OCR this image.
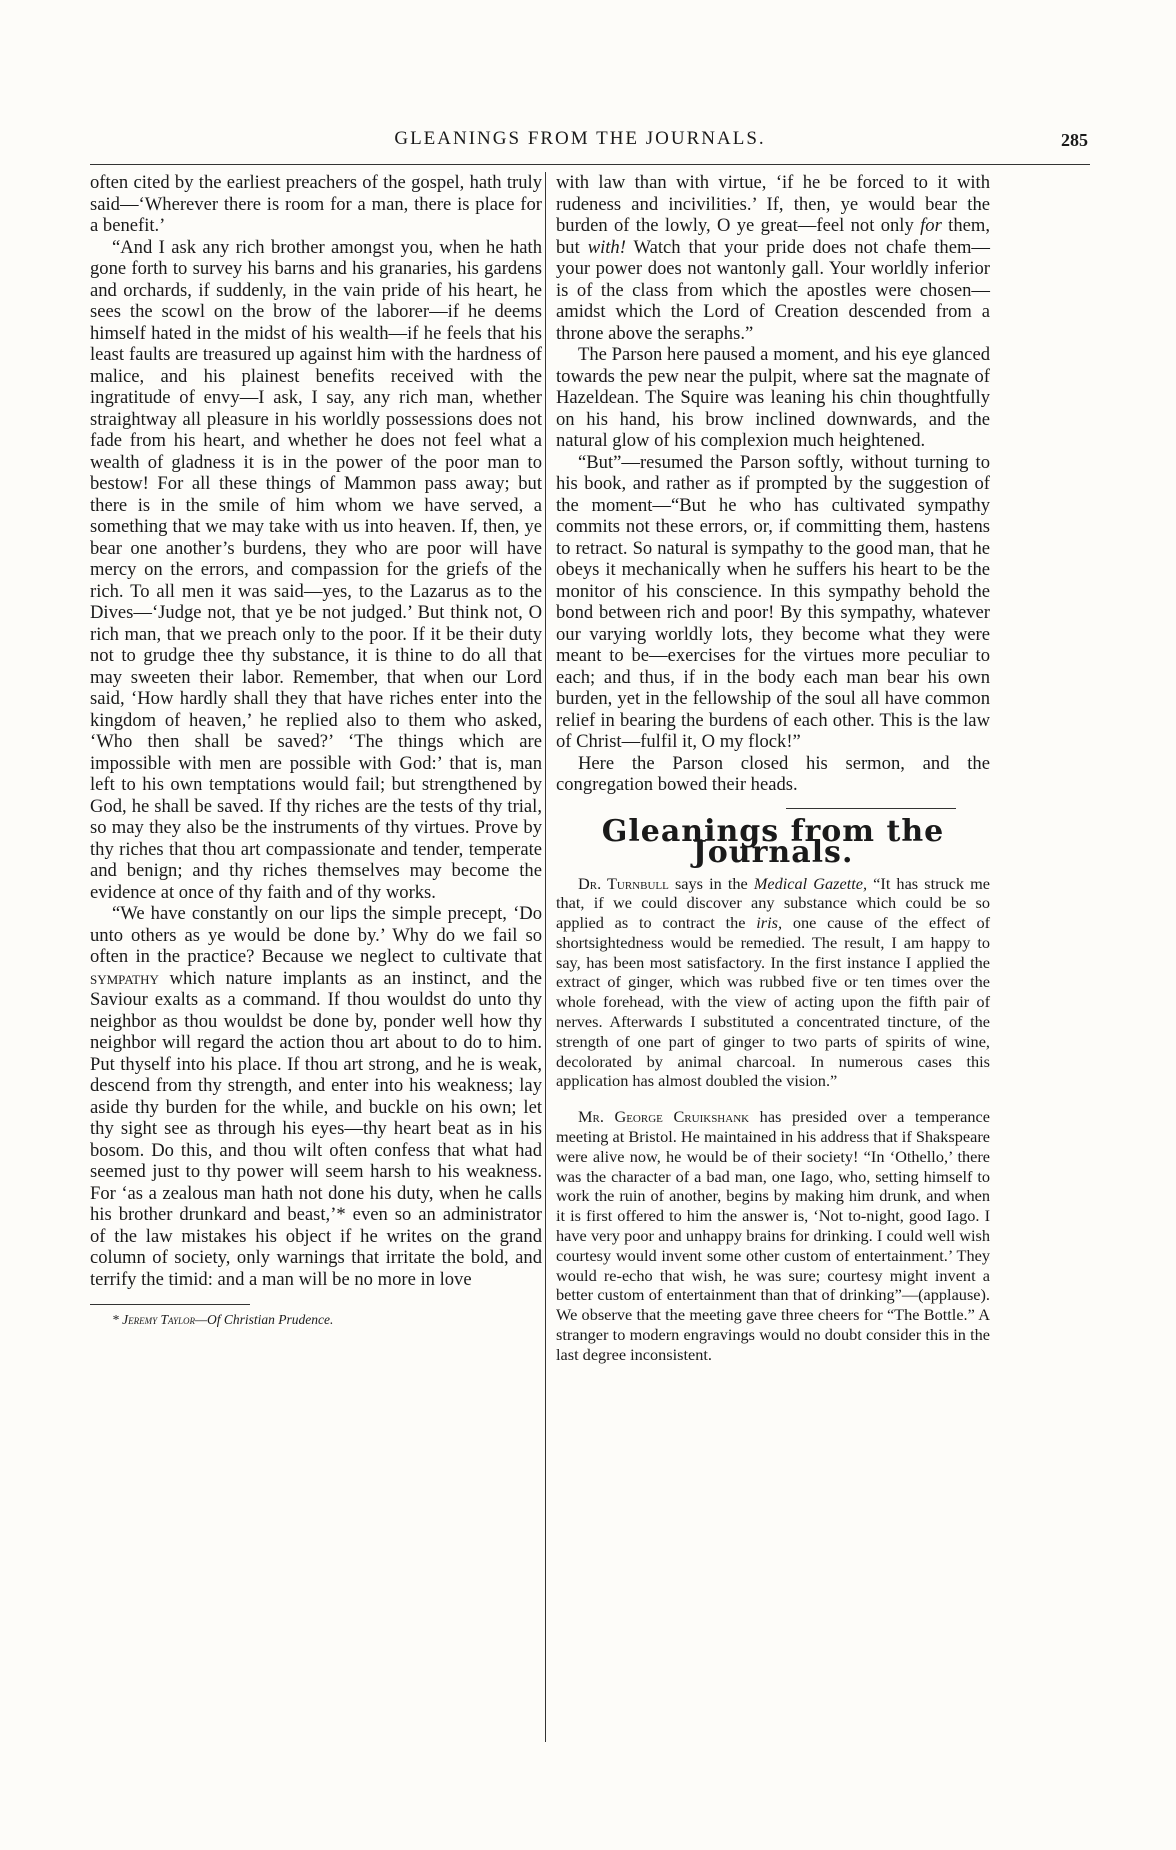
GLEANINGS FROM THE JOURNALS.	285

often cited by the earliest preachers of the gospel, hath truly said—‘Wherever there is room for a man, there is place for a benefit.’

“And I ask any rich brother amongst you, when he hath gone forth to survey his barns and his granaries, his gardens and orchards, if suddenly, in the vain pride of his heart, he sees the scowl on the brow of the laborer—if he deems himself hated in the midst of his wealth—if he feels that his least faults are treasured up against him with the hardness of malice, and his plainest benefits received with the ingratitude of envy—I ask, I say, any rich man, whether straightway all pleasure in his worldly possessions does not fade from his heart, and whether he does not feel what a wealth of gladness it is in the power of the poor man to bestow! For all these things of Mammon pass away; but there is in the smile of him whom we have served, a something that we may take with us into heaven. If, then, ye bear one another’s burdens, they who are poor will have mercy on the errors, and compassion for the griefs of the rich. To all men it was said—yes, to the Lazarus as to the Dives—‘Judge not, that ye be not judged.’ But think not, O rich man, that we preach only to the poor. If it be their duty not to grudge thee thy substance, it is thine to do all that may sweeten their labor. Remember, that when our Lord said, ‘How hardly shall they that have riches enter into the kingdom of heaven,’ he replied also to them who asked, ‘Who then shall be saved?’ ‘The things which are impossible with men are possible with God:’ that is, man left to his own temptations would fail; but strengthened by God, he shall be saved. If thy riches are the tests of thy trial, so may they also be the instruments of thy virtues. Prove by thy riches that thou art compassionate and tender, temperate and benign; and thy riches themselves may become the evidence at once of thy faith and of thy works.

“We have constantly on our lips the simple precept, ‘Do unto others as ye would be done by.’ Why do we fail so often in the practice? Because we neglect to cultivate that sympathy which nature implants as an instinct, and the Saviour exalts as a command. If thou wouldst do unto thy neighbor as thou wouldst be done by, ponder well how thy neighbor will regard the action thou art about to do to him. Put thyself into his place. If thou art strong, and he is weak, descend from thy strength, and enter into his weakness; lay aside thy burden for the while, and buckle on his own; let thy sight see as through his eyes—thy heart beat as in his bosom. Do this, and thou wilt often confess that what had seemed just to thy power will seem harsh to his weakness. For ‘as a zealous man hath not done his duty, when he calls his brother drunkard and beast,’* even so an administrator of the law mistakes his object if he writes on the grand column of society, only warnings that irritate the bold, and terrify the timid: and a man will be no more in love

* Jeremy Taylor—Of Christian Prudence.

with law than with virtue, ‘if he be forced to it with rudeness and incivilities.’ If, then, ye would bear the burden of the lowly, O ye great—feel not only for them, but with! Watch that your pride does not chafe them—your power does not wantonly gall. Your worldly inferior is of the class from which the apostles were chosen—amidst which the Lord of Creation descended from a throne above the seraphs.”

The Parson here paused a moment, and his eye glanced towards the pew near the pulpit, where sat the magnate of Hazeldean. The Squire was leaning his chin thoughtfully on his hand, his brow inclined downwards, and the natural glow of his complexion much heightened.

“But”—resumed the Parson softly, without turning to his book, and rather as if prompted by the suggestion of the moment—“But he who has cultivated sympathy commits not these errors, or, if committing them, hastens to retract. So natural is sympathy to the good man, that he obeys it mechanically when he suffers his heart to be the monitor of his conscience. In this sympathy behold the bond between rich and poor! By this sympathy, whatever our varying worldly lots, they become what they were meant to be—exercises for the virtues more peculiar to each; and thus, if in the body each man bear his own burden, yet in the fellowship of the soul all have common relief in bearing the burdens of each other. This is the law of Christ—fulfil it, O my flock!”

Here the Parson closed his sermon, and the congregation bowed their heads.

Gleanings from the Journals.

Dr. Turnbull says in the Medical Gazette, “It has struck me that, if we could discover any substance which could be so applied as to contract the iris, one cause of the effect of shortsightedness would be remedied. The result, I am happy to say, has been most satisfactory. In the first instance I applied the extract of ginger, which was rubbed five or ten times over the whole forehead, with the view of acting upon the fifth pair of nerves. Afterwards I substituted a concentrated tincture, of the strength of one part of ginger to two parts of spirits of wine, decolorated by animal charcoal. In numerous cases this application has almost doubled the vision.”

Mr. George Cruikshank has presided over a temperance meeting at Bristol. He maintained in his address that if Shakspeare were alive now, he would be of their society! “In ‘Othello,’ there was the character of a bad man, one Iago, who, setting himself to work the ruin of another, begins by making him drunk, and when it is first offered to him the answer is, ‘Not to-night, good Iago. I have very poor and unhappy brains for drinking. I could well wish courtesy would invent some other custom of entertainment.’ They would re-echo that wish, he was sure; courtesy might invent a better custom of entertainment than that of drinking”—(applause). We observe that the meeting gave three cheers for “The Bottle.” A stranger to modern engravings would no doubt consider this in the last degree inconsistent.
